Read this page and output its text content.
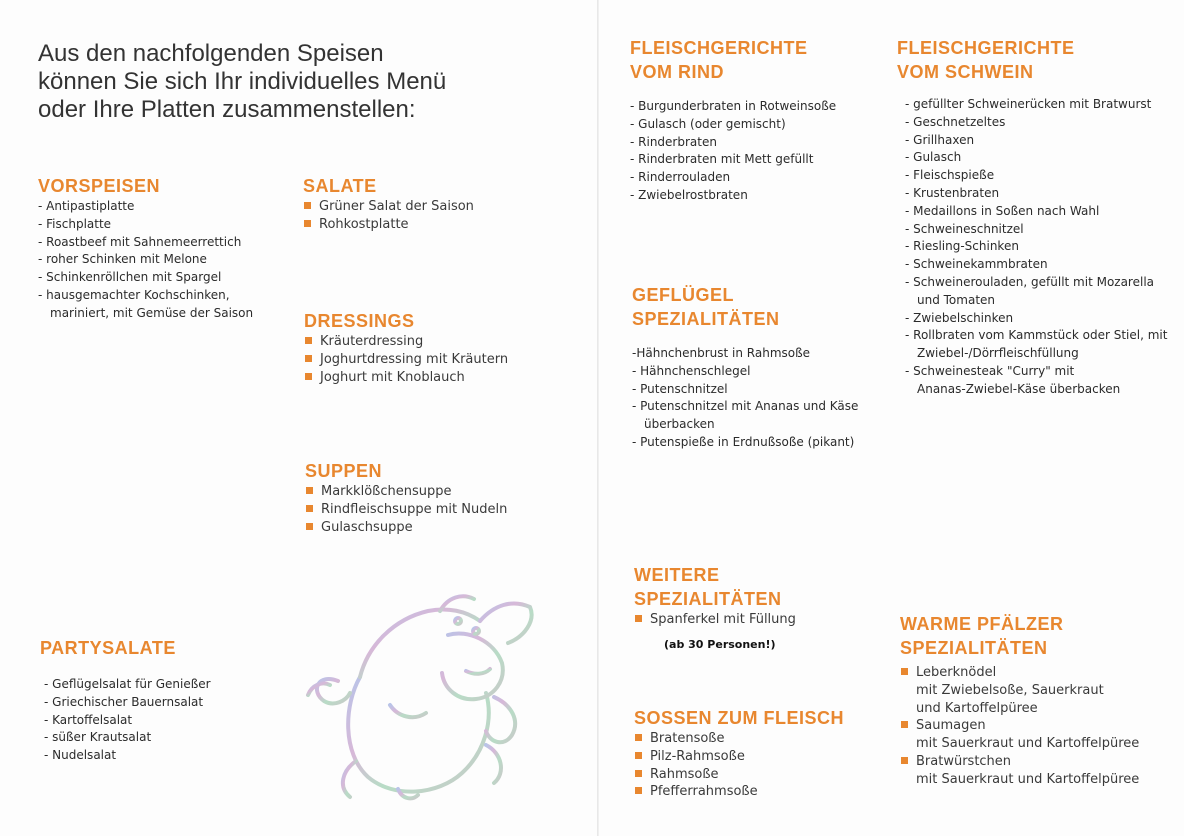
Aus den nachfolgenden Speisen
können Sie sich Ihr individuelles Menü
oder Ihre Platten zusammenstellen:
VORSPEISEN
- Antipastiplatte
- Fischplatte
- Roastbeef mit Sahnemeerrettich
- roher Schinken mit Melone
- Schinkenröllchen mit Spargel
- hausgemachter Kochschinken,
mariniert, mit Gemüse der Saison
SALATE
Grüner Salat der Saison
Rohkostplatte
DRESSINGS
Kräuterdressing
Joghurtdressing mit Kräutern
Joghurt mit Knoblauch
SUPPEN
Markklößchensuppe
Rindfleischsuppe mit Nudeln
Gulaschsuppe
PARTYSALATE
- Geflügelsalat für Genießer
- Griechischer Bauernsalat
- Kartoffelsalat
- süßer Krautsalat
- Nudelsalat
FLEISCHGERICHTE
VOM RIND
- Burgunderbraten in Rotweinsoße
- Gulasch (oder gemischt)
- Rinderbraten
- Rinderbraten mit Mett gefüllt
- Rinderrouladen
- Zwiebelrostbraten
GEFLÜGEL
SPEZIALITÄTEN
-Hähnchenbrust in Rahmsoße
- Hähnchenschlegel
- Putenschnitzel
- Putenschnitzel mit Ananas und Käse
überbacken
- Putenspieße in Erdnußsoße (pikant)
WEITERE
SPEZIALITÄTEN
Spanferkel mit Füllung
(ab 30 Personen!)
SOSSEN ZUM FLEISCH
Bratensoße
Pilz-Rahmsoße
Rahmsoße
Pfefferrahmsoße
FLEISCHGERICHTE
VOM SCHWEIN
- gefüllter Schweinerücken mit Bratwurst
- Geschnetzeltes
- Grillhaxen
- Gulasch
- Fleischspieße
- Krustenbraten
- Medaillons in Soßen nach Wahl
- Schweineschnitzel
- Riesling-Schinken
- Schweinekammbraten
- Schweinerouladen, gefüllt mit Mozarella
und Tomaten
- Zwiebelschinken
- Rollbraten vom Kammstück oder Stiel, mit
Zwiebel-/Dörrfleischfüllung
- Schweinesteak "Curry" mit
Ananas-Zwiebel-Käse überbacken
WARME PFÄLZER
SPEZIALITÄTEN
Leberknödel
mit Zwiebelsoße, Sauerkraut
und Kartoffelpüree
Saumagen
mit Sauerkraut und Kartoffelpüree
Bratwürstchen
mit Sauerkraut und Kartoffelpüree
